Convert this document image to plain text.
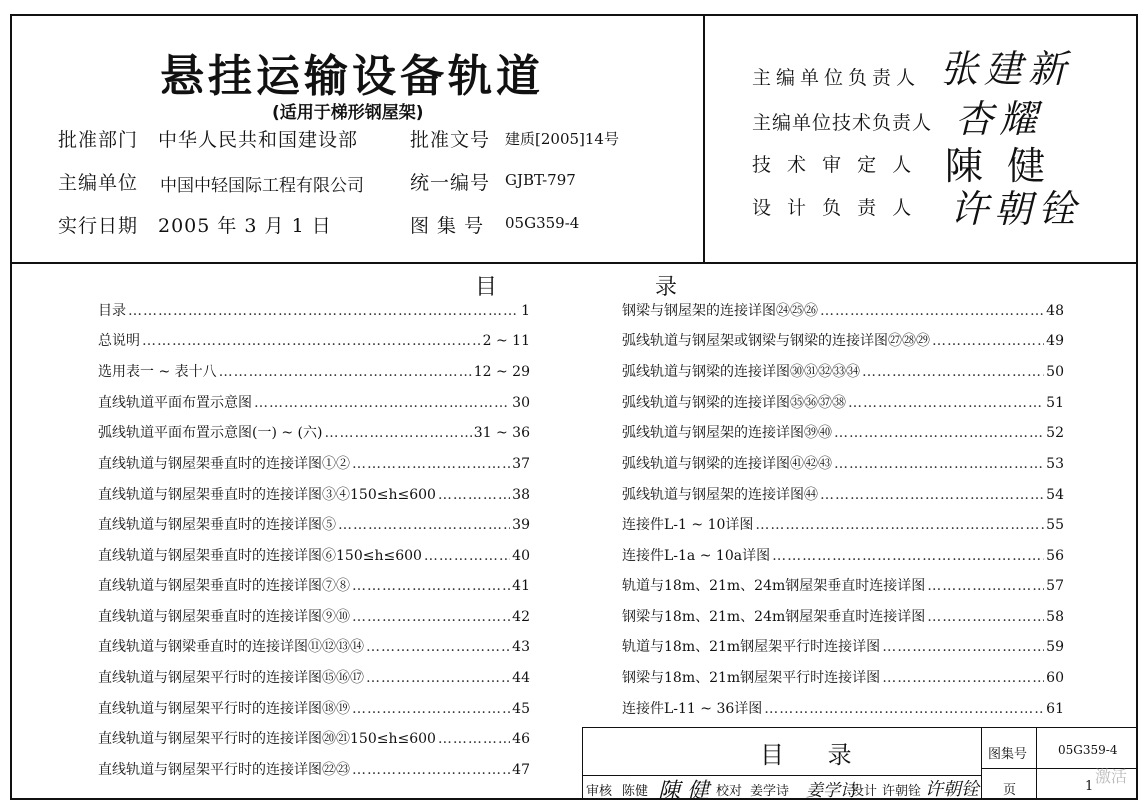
悬挂运输设备轨道
(适用于梯形钢屋架)
批准部门 中华人民共和国建设部	批准文号 建质[2005]14号
主编单位 中国中轻国际工程有限公司 统一编号 GJBT-797
实行日期 2005 年 3 月 1 日	图 集 号 05G359-4
主编单位负责人 张建新
主编单位技术负责人 杏耀
技 术 审 定 人 陳 健
设 计 负 责 人 许朝铨
目	录
目录 ……………………………………………………………………………………………………………………………………………………………………………	1
总说明 ……………………………………………………………………………………………………………………………………………………………………………	2 ~ 11
选用表一 ~ 表十八 ……………………………………………………………………………………………………………………………………………………………………………	12 ~ 29
直线轨道平面布置示意图 ……………………………………………………………………………………………………………………………………………………………………………	30
弧线轨道平面布置示意图(一) ~ (六) ……………………………………………………………………………………………………………………………………………………………………………	31 ~ 36
直线轨道与钢屋架垂直时的连接详图①② ……………………………………………………………………………………………………………………………………………………………………………	37
直线轨道与钢屋架垂直时的连接详图③④150≤h≤600 ……………………………………………………………………………………………………………………………………………………………………………	38
直线轨道与钢屋架垂直时的连接详图⑤ ……………………………………………………………………………………………………………………………………………………………………………	39
直线轨道与钢屋架垂直时的连接详图⑥150≤h≤600 ……………………………………………………………………………………………………………………………………………………………………………	40
直线轨道与钢屋架垂直时的连接详图⑦⑧ ……………………………………………………………………………………………………………………………………………………………………………	41
直线轨道与钢屋架垂直时的连接详图⑨⑩ ……………………………………………………………………………………………………………………………………………………………………………	42
直线轨道与钢梁垂直时的连接详图⑪⑫⑬⑭ ……………………………………………………………………………………………………………………………………………………………………………	43
直线轨道与钢屋架平行时的连接详图⑮⑯⑰ ……………………………………………………………………………………………………………………………………………………………………………	44
直线轨道与钢屋架平行时的连接详图⑱⑲ ……………………………………………………………………………………………………………………………………………………………………………	45
直线轨道与钢屋架平行时的连接详图⑳㉑150≤h≤600 ……………………………………………………………………………………………………………………………………………………………………………	46
直线轨道与钢屋架平行时的连接详图㉒㉓ ……………………………………………………………………………………………………………………………………………………………………………	47
钢梁与钢屋架的连接详图㉔㉕㉖ ……………………………………………………………………………………………………………………………………………………………………………	48
弧线轨道与钢屋架或钢梁与钢梁的连接详图㉗㉘㉙ ……………………………………………………………………………………………………………………………………………………………………………	49
弧线轨道与钢梁的连接详图㉚㉛㉜㉝㉞ ……………………………………………………………………………………………………………………………………………………………………………	50
弧线轨道与钢梁的连接详图㉟㊱㊲㊳ ……………………………………………………………………………………………………………………………………………………………………………	51
弧线轨道与钢屋架的连接详图㊴㊵ ……………………………………………………………………………………………………………………………………………………………………………	52
弧线轨道与钢梁的连接详图㊶㊷㊸ ……………………………………………………………………………………………………………………………………………………………………………	53
弧线轨道与钢屋架的连接详图㊹ ……………………………………………………………………………………………………………………………………………………………………………	54
连接件L-1 ~ 10详图 ……………………………………………………………………………………………………………………………………………………………………………	55
连接件L-1a ~ 10a详图 ……………………………………………………………………………………………………………………………………………………………………………	56
轨道与18m、21m、24m钢屋架垂直时连接详图 ……………………………………………………………………………………………………………………………………………………………………………	57
钢梁与18m、21m、24m钢屋架垂直时连接详图 ……………………………………………………………………………………………………………………………………………………………………………	58
轨道与18m、21m钢屋架平行时连接详图 ……………………………………………………………………………………………………………………………………………………………………………	59
钢梁与18m、21m钢屋架平行时连接详图 ……………………………………………………………………………………………………………………………………………………………………………	60
连接件L-11 ~ 36详图 ……………………………………………………………………………………………………………………………………………………………………………	61
目 录	图集号	05G359-4
页	1
审核 陈健 陳 健 校对 姜学诗 姜学诗
设计 许朝铨 许朝铨
激活
